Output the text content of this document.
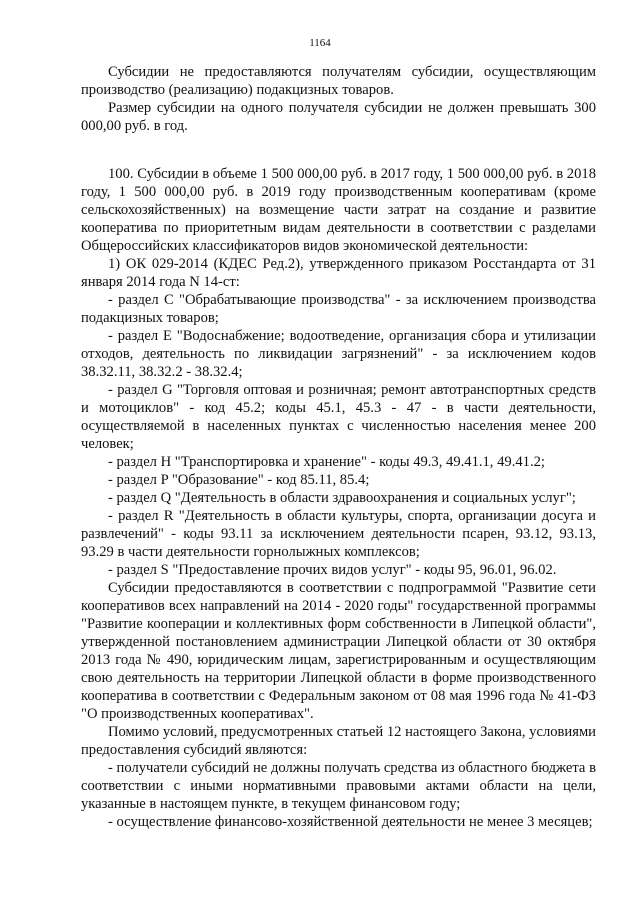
1164

Субсидии не предоставляются получателям субсидии, осуществляющим производство (реализацию) подакцизных товаров.

Размер субсидии на одного получателя субсидии не должен превышать 300 000,00 руб. в год.

100. Субсидии в объеме 1 500 000,00 руб. в 2017 году, 1 500 000,00 руб. в 2018 году, 1 500 000,00 руб. в 2019 году производственным кооперативам (кроме сельскохозяйственных) на возмещение части затрат на создание и развитие кооператива по приоритетным видам деятельности в соответствии с разделами Общероссийских классификаторов видов экономической деятельности:

1) ОК 029-2014 (КДЕС Ред.2), утвержденного приказом Росстандарта от 31 января 2014 года N 14-ст:

- раздел C "Обрабатывающие производства" - за исключением производства подакцизных товаров;

- раздел E "Водоснабжение; водоотведение, организация сбора и утилизации отходов, деятельность по ликвидации загрязнений" - за исключением кодов 38.32.11, 38.32.2 - 38.32.4;

- раздел G "Торговля оптовая и розничная; ремонт автотранспортных средств и мотоциклов" - код 45.2; коды 45.1, 45.3 - 47 - в части деятельности, осуществляемой в населенных пунктах с численностью населения менее 200 человек;

- раздел H "Транспортировка и хранение" - коды 49.3, 49.41.1, 49.41.2;

- раздел P "Образование" - код 85.11, 85.4;

- раздел Q "Деятельность в области здравоохранения и социальных услуг";

- раздел R "Деятельность в области культуры, спорта, организации досуга и развлечений" - коды 93.11 за исключением деятельности псарен, 93.12, 93.13, 93.29 в части деятельности горнолыжных комплексов;

- раздел S "Предоставление прочих видов услуг" - коды 95, 96.01, 96.02.

Субсидии предоставляются в соответствии с подпрограммой "Развитие сети кооперативов всех направлений на 2014 - 2020 годы" государственной программы "Развитие кооперации и коллективных форм собственности в Липецкой области", утвержденной постановлением администрации Липецкой области от 30 октября 2013 года № 490, юридическим лицам, зарегистрированным и осуществляющим свою деятельность на территории Липецкой области в форме производственного кооператива в соответствии с Федеральным законом от 08 мая 1996 года № 41-ФЗ "О производственных кооперативах".

Помимо условий, предусмотренных статьей 12 настоящего Закона, условиями предоставления субсидий являются:

- получатели субсидий не должны получать средства из областного бюджета в соответствии с иными нормативными правовыми актами области на цели, указанные в настоящем пункте, в текущем финансовом году;

- осуществление финансово-хозяйственной деятельности не менее 3 месяцев;
